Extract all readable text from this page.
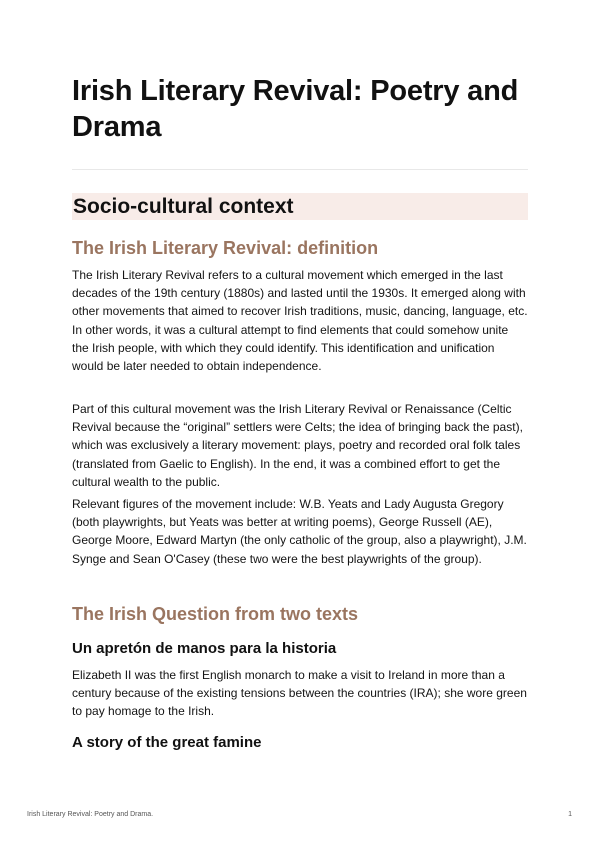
Irish Literary Revival: Poetry and Drama
Socio-cultural context
The Irish Literary Revival: definition

The Irish Literary Revival refers to a cultural movement which emerged in the last decades of the 19th century (1880s) and lasted until the 1930s. It emerged along with other movements that aimed to recover Irish traditions, music, dancing, language, etc. In other words, it was a cultural attempt to find elements that could somehow unite the Irish people, with which they could identify. This identification and unification would be later needed to obtain independence.

Part of this cultural movement was the Irish Literary Revival or Renaissance (Celtic Revival because the “original” settlers were Celts; the idea of bringing back the past), which was exclusively a literary movement: plays, poetry and recorded oral folk tales (translated from Gaelic to English). In the end, it was a combined effort to get the cultural wealth to the public.

Relevant figures of the movement include: W.B. Yeats and Lady Augusta Gregory (both playwrights, but Yeats was better at writing poems), George Russell (AE), George Moore, Edward Martyn (the only catholic of the group, also a playwright), J.M. Synge and Sean O'Casey (these two were the best playwrights of the group).

The Irish Question from two texts
Un apretón de manos para la historia

Elizabeth II was the first English monarch to make a visit to Ireland in more than a century because of the existing tensions between the countries (IRA); she wore green to pay homage to the Irish.

A story of the great famine
Irish Literary Revival: Poetry and Drama.	1
